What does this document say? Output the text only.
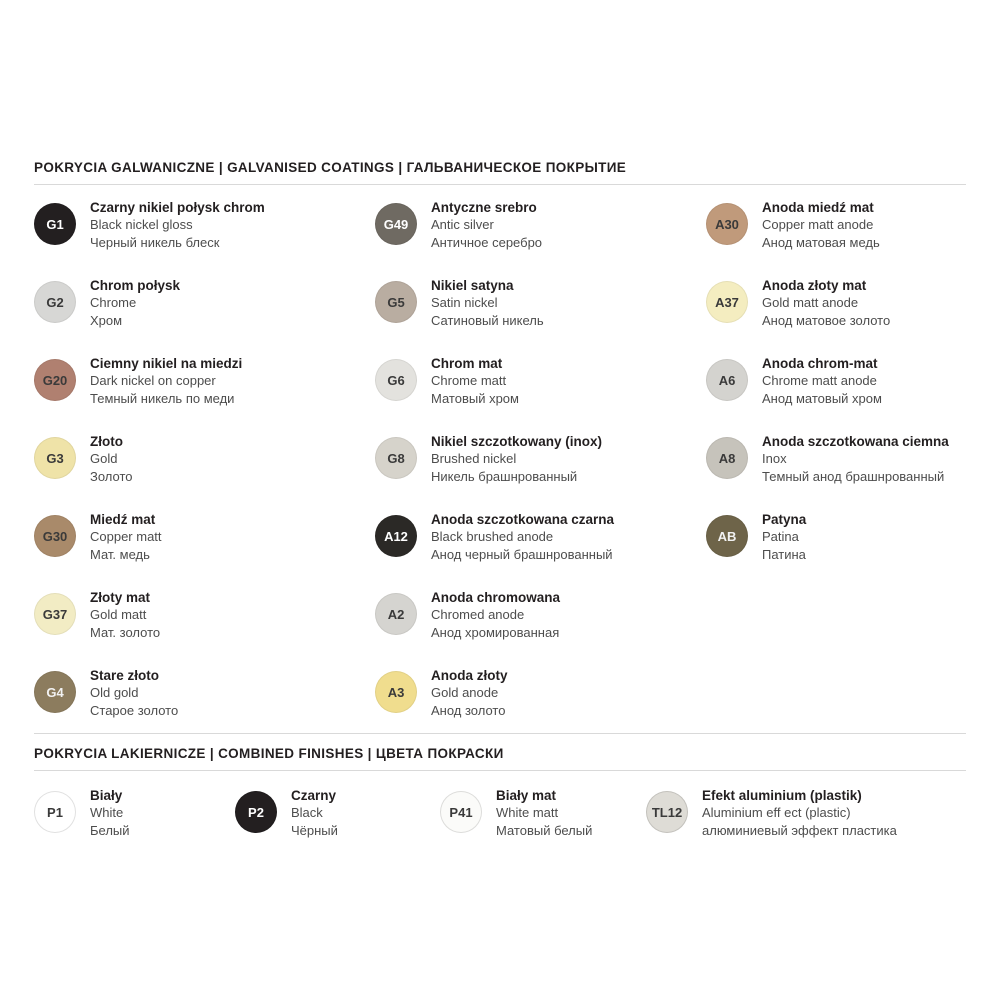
POKRYCIA GALWANICZNE | GALVANISED COATINGS | ГАЛЬВАНИЧЕСКОЕ ПОКРЫТИЕ
G1
Czarny nikiel połysk chrom
Black nickel gloss
Черный никель блеск
G2
Chrom połysk
Chrome
Хром
G20
Ciemny nikiel na miedzi
Dark nickel on copper
Темный никель по меди
G3
Złoto
Gold
Золото
G30
Miedź mat
Copper matt
Мат. медь
G37
Złoty mat
Gold matt
Мат. золото
G4
Stare złoto
Old gold
Старое золото
G49
Antyczne srebro
Antic silver
Античное серебро
G5
Nikiel satyna
Satin nickel
Сатиновый никель
G6
Chrom mat
Chrome matt
Матовый хром
G8
Nikiel szczotkowany (inox)
Brushed nickel
Никель брашнрованный
A12
Anoda szczotkowana czarna
Black brushed anode
Анод черный брашнрованный
A2
Anoda chromowana
Chromed anode
Анод хромированная
A3
Anoda złoty
Gold anode
Анод золото
A30
Anoda miedź mat
Copper matt anode
Анод матовая медь
A37
Anoda złoty mat
Gold matt anode
Анод матовое золото
A6
Anoda chrom-mat
Chrome matt anode
Анод матовый хром
A8
Anoda szczotkowana ciemna
Inox
Темный анод брашнрованный
AB
Patyna
Patina
Патина
POKRYCIA LAKIERNICZE | COMBINED FINISHES | ЦВЕТА ПОКРАСКИ
P1
Biały
White
Белый
P2
Czarny
Black
Чёрный
P41
Biały mat
White matt
Матовый белый
TL12
Efekt aluminium (plastik)
Aluminium eff ect (plastic)
алюминиевый эффект пластика
